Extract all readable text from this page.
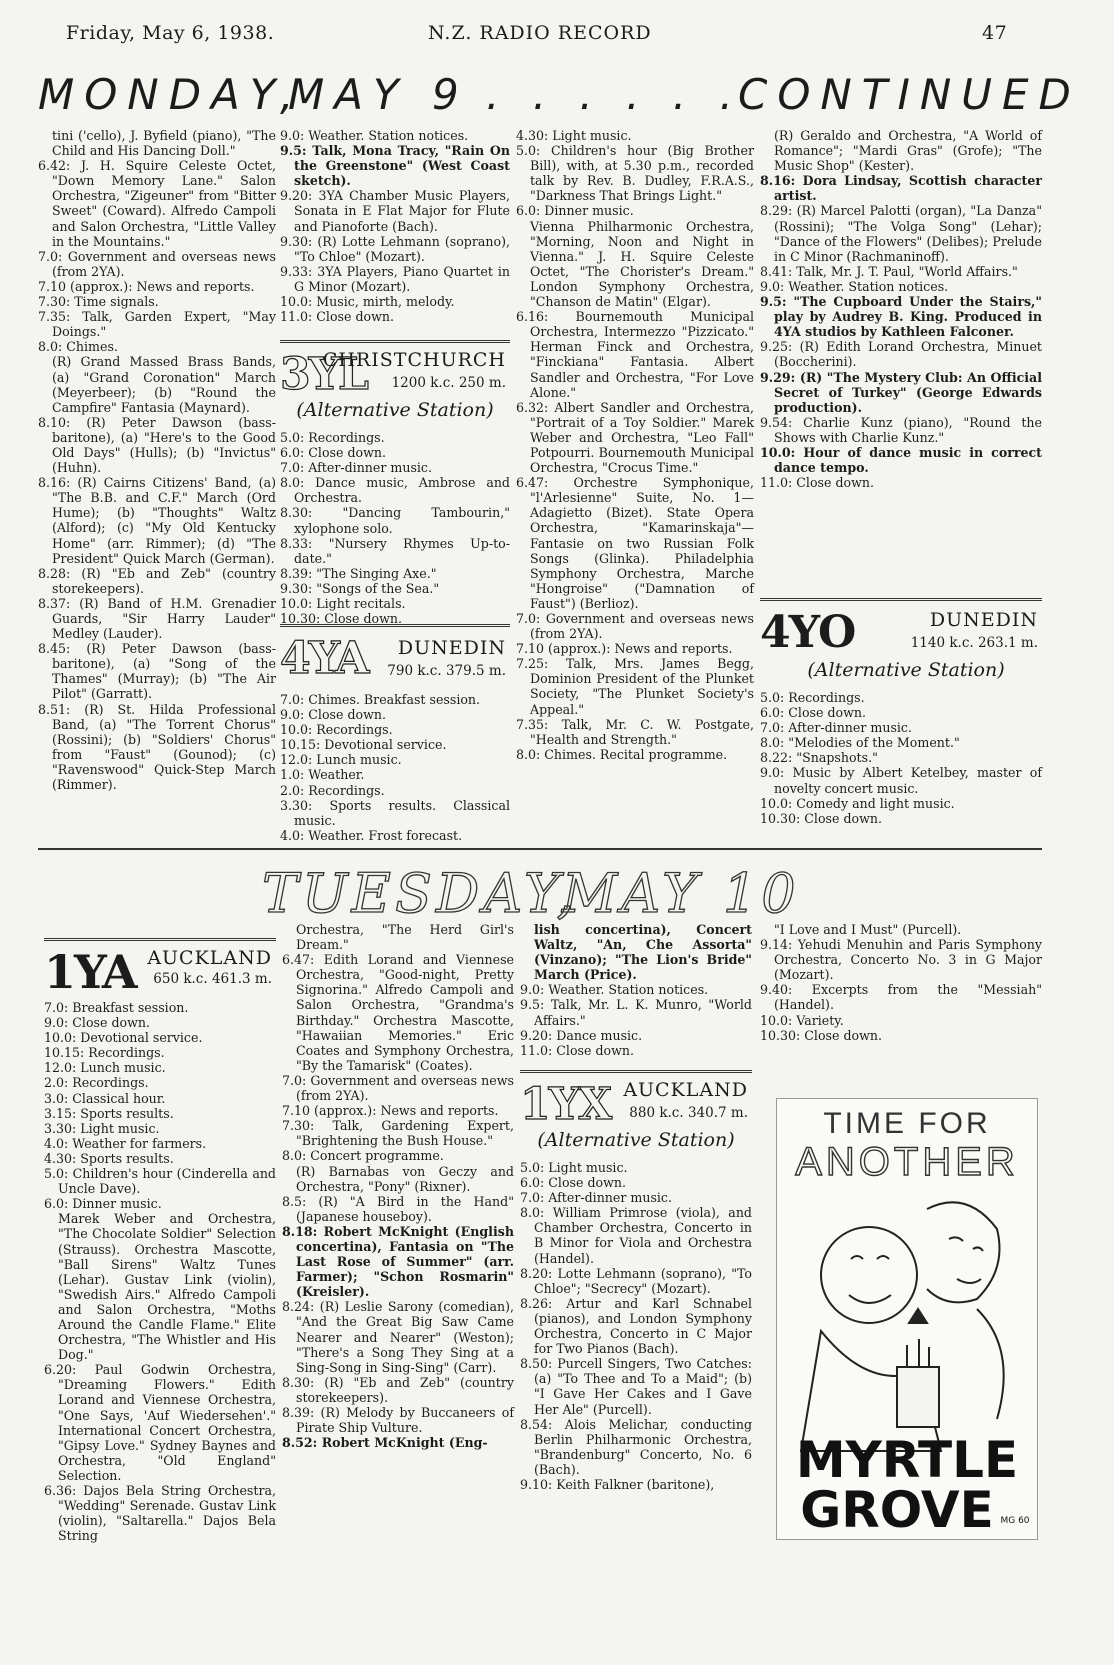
Friday, May 6, 1938.	N.Z. RADIO RECORD	47
MONDAY,
MAY 9 . . . . . .
CONTINUED

tini ('cello), J. Byfield (piano), "The Child and His Dancing Doll."

6.42: J. H. Squire Celeste Octet, "Down Memory Lane." Salon Orchestra, "Zigeuner" from "Bitter Sweet" (Coward). Alfredo Campoli and Salon Orchestra, "Little Valley in the Mountains."

7.0: Government and overseas news (from 2YA).

7.10 (approx.): News and reports.

7.30: Time signals.

7.35: Talk, Garden Expert, "May Doings."

8.0: Chimes.

(R) Grand Massed Brass Bands, (a) "Grand Coronation" March (Meyerbeer); (b) "Round the Campfire" Fantasia (Maynard).

8.10: (R) Peter Dawson (bass-baritone), (a) "Here's to the Good Old Days" (Hulls); (b) "Invictus" (Huhn).

8.16: (R) Cairns Citizens' Band, (a) "The B.B. and C.F." March (Ord Hume); (b) "Thoughts" Waltz (Alford); (c) "My Old Kentucky Home" (arr. Rimmer); (d) "The President" Quick March (German).

8.28: (R) "Eb and Zeb" (country storekeepers).

8.37: (R) Band of H.M. Grenadier Guards, "Sir Harry Lauder" Medley (Lauder).

8.45: (R) Peter Dawson (bass-baritone), (a) "Song of the Thames" (Murray); (b) "The Air Pilot" (Garratt).

8.51: (R) St. Hilda Professional Band, (a) "The Torrent Chorus" (Rossini); (b) "Soldiers' Chorus" from "Faust" (Gounod); (c) "Ravenswood" Quick-Step March (Rimmer).

9.0: Weather. Station notices.

9.5: Talk, Mona Tracy, "Rain On the Greenstone" (West Coast sketch).

9.20: 3YA Chamber Music Players, Sonata in E Flat Major for Flute and Pianoforte (Bach).

9.30: (R) Lotte Lehmann (soprano), "To Chloe" (Mozart).

9.33: 3YA Players, Piano Quartet in G Minor (Mozart).

10.0: Music, mirth, melody.

11.0: Close down.

3YL
CHRISTCHURCH
1200 k.c. 250 m.
(Alternative Station)

5.0: Recordings.

6.0: Close down.

7.0: After-dinner music.

8.0: Dance music, Ambrose and Orchestra.

8.30: "Dancing Tambourin," xylophone solo.

8.33: "Nursery Rhymes Up-to-date."

8.39: "The Singing Axe."

9.30: "Songs of the Sea."

10.0: Light recitals.

10.30: Close down.

4YA DUNEDIN
790 k.c. 379.5 m.

7.0: Chimes. Breakfast session.

9.0: Close down.

10.0: Recordings.

10.15: Devotional service.

12.0: Lunch music.

1.0: Weather.

2.0: Recordings.

3.30: Sports results. Classical music.

4.0: Weather. Frost forecast.

4.30: Light music.

5.0: Children's hour (Big Brother Bill), with, at 5.30 p.m., recorded talk by Rev. B. Dudley, F.R.A.S., "Darkness That Brings Light."

6.0: Dinner music.

Vienna Philharmonic Orchestra, "Morning, Noon and Night in Vienna." J. H. Squire Celeste Octet, "The Chorister's Dream." London Symphony Orchestra, "Chanson de Matin" (Elgar).

6.16: Bournemouth Municipal Orchestra, Intermezzo "Pizzicato." Herman Finck and Orchestra, "Finckiana" Fantasia. Albert Sandler and Orchestra, "For Love Alone."

6.32: Albert Sandler and Orchestra, "Portrait of a Toy Soldier." Marek Weber and Orchestra, "Leo Fall" Potpourri. Bournemouth Municipal Orchestra, "Crocus Time."

6.47: Orchestre Symphonique, "l'Arlesienne" Suite, No. 1—Adagietto (Bizet). State Opera Orchestra, "Kamarinskaja"—Fantasie on two Russian Folk Songs (Glinka). Philadelphia Symphony Orchestra, Marche "Hongroise" ("Damnation of Faust") (Berlioz).

7.0: Government and overseas news (from 2YA).

7.10 (approx.): News and reports.

7.25: Talk, Mrs. James Begg, Dominion President of the Plunket Society, "The Plunket Society's Appeal."

7.35: Talk, Mr. C. W. Postgate, "Health and Strength."

8.0: Chimes. Recital programme.

(R) Geraldo and Orchestra, "A World of Romance"; "Mardi Gras" (Grofe); "The Music Shop" (Kester).

8.16: Dora Lindsay, Scottish character artist.

8.29: (R) Marcel Palotti (organ), "La Danza" (Rossini); "The Volga Song" (Lehar); "Dance of the Flowers" (Delibes); Prelude in C Minor (Rachmaninoff).

8.41: Talk, Mr. J. T. Paul, "World Affairs."

9.0: Weather. Station notices.

9.5: "The Cupboard Under the Stairs," play by Audrey B. King. Produced in 4YA studios by Kathleen Falconer.

9.25: (R) Edith Lorand Orchestra, Minuet (Boccherini).

9.29: (R) "The Mystery Club: An Official Secret of Turkey" (George Edwards production).

9.54: Charlie Kunz (piano), "Round the Shows with Charlie Kunz."

10.0: Hour of dance music in correct dance tempo.

11.0: Close down.

4YO	DUNEDIN
1140 k.c. 263.1 m.
(Alternative Station)

5.0: Recordings.

6.0: Close down.

7.0: After-dinner music.

8.0: "Melodies of the Moment."

8.22: "Snapshots."

9.0: Music by Albert Ketelbey, master of novelty concert music.

10.0: Comedy and light music.

10.30: Close down.

TUESDAY,
MAY 10
1YA AUCKLAND
650 k.c. 461.3 m.

7.0: Breakfast session.

9.0: Close down.

10.0: Devotional service.

10.15: Recordings.

12.0: Lunch music.

2.0: Recordings.

3.0: Classical hour.

3.15: Sports results.

3.30: Light music.

4.0: Weather for farmers.

4.30: Sports results.

5.0: Children's hour (Cinderella and Uncle Dave).

6.0: Dinner music.

Marek Weber and Orchestra, "The Chocolate Soldier" Selection (Strauss). Orchestra Mascotte, "Ball Sirens" Waltz Tunes (Lehar). Gustav Link (violin), "Swedish Airs." Alfredo Campoli and Salon Orchestra, "Moths Around the Candle Flame." Elite Orchestra, "The Whistler and His Dog."

6.20: Paul Godwin Orchestra, "Dreaming Flowers." Edith Lorand and Viennese Orchestra, "One Says, 'Auf Wiedersehen'." International Concert Orchestra, "Gipsy Love." Sydney Baynes and Orchestra, "Old England" Selection.

6.36: Dajos Bela String Orchestra, "Wedding" Serenade. Gustav Link (violin), "Saltarella." Dajos Bela String

Orchestra, "The Herd Girl's Dream."

6.47: Edith Lorand and Viennese Orchestra, "Good-night, Pretty Signorina." Alfredo Campoli and Salon Orchestra, "Grandma's Birthday." Orchestra Mascotte, "Hawaiian Memories." Eric Coates and Symphony Orchestra, "By the Tamarisk" (Coates).

7.0: Government and overseas news (from 2YA).

7.10 (approx.): News and reports.

7.30: Talk, Gardening Expert, "Brightening the Bush House."

8.0: Concert programme.

(R) Barnabas von Geczy and Orchestra, "Pony" (Rixner).

8.5: (R) "A Bird in the Hand" (Japanese houseboy).

8.18: Robert McKnight (English concertina), Fantasia on "The Last Rose of Summer" (arr. Farmer); "Schon Rosmarin" (Kreisler).

8.24: (R) Leslie Sarony (comedian), "And the Great Big Saw Came Nearer and Nearer" (Weston); "There's a Song They Sing at a Sing-Song in Sing-Sing" (Carr).

8.30: (R) "Eb and Zeb" (country storekeepers).

8.39: (R) Melody by Buccaneers of Pirate Ship Vulture.

8.52: Robert McKnight (Eng-

lish concertina), Concert Waltz, "An, Che Assorta" (Vinzano); "The Lion's Bride" March (Price).

9.0: Weather. Station notices.

9.5: Talk, Mr. L. K. Munro, "World Affairs."

9.20: Dance music.

11.0: Close down.

1YX AUCKLAND
880 k.c. 340.7 m.
(Alternative Station)

5.0: Light music.

6.0: Close down.

7.0: After-dinner music.

8.0: William Primrose (viola), and Chamber Orchestra, Concerto in B Minor for Viola and Orchestra (Handel).

8.20: Lotte Lehmann (soprano), "To Chloe"; "Secrecy" (Mozart).

8.26: Artur and Karl Schnabel (pianos), and London Symphony Orchestra, Concerto in C Major for Two Pianos (Bach).

8.50: Purcell Singers, Two Catches: (a) "To Thee and To a Maid"; (b) "I Gave Her Cakes and I Gave Her Ale" (Purcell).

8.54: Alois Melichar, conducting Berlin Philharmonic Orchestra, "Brandenburg" Concerto, No. 6 (Bach).

9.10: Keith Falkner (baritone),

"I Love and I Must" (Purcell).

9.14: Yehudi Menuhin and Paris Symphony Orchestra, Concerto No. 3 in G Major (Mozart).

9.40: Excerpts from the "Messiah" (Handel).

10.0: Variety.

10.30: Close down.

TIME FOR
ANOTHER
MYRTLE
GROVE MG 60
